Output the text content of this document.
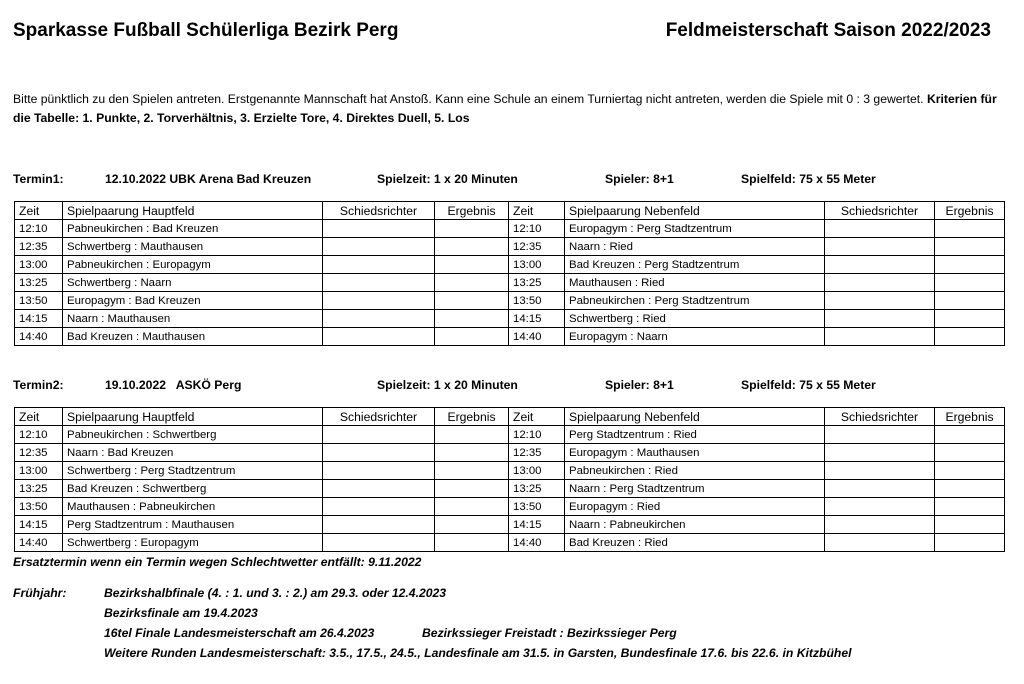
Sparkasse Fußball Schülerliga Bezirk Perg	Feldmeisterschaft Saison 2022/2023
Bitte pünktlich zu den Spielen antreten. Erstgenannte Mannschaft hat Anstoß. Kann eine Schule an einem Turniertag nicht antreten, werden die Spiele mit 0 : 3 gewertet. Kriterien für die Tabelle: 1. Punkte, 2. Torverhältnis, 3. Erzielte Tore, 4. Direktes Duell, 5. Los
Termin1:	12.10.2022 UBK Arena Bad Kreuzen	Spielzeit: 1 x 20 Minuten	Spieler: 8+1	Spielfeld: 75 x 55 Meter
Zeit	Spielpaarung Hauptfeld	Schiedsrichter	Ergebnis	Zeit	Spielpaarung Nebenfeld	Schiedsrichter	Ergebnis
12:10	Pabneukirchen : Bad Kreuzen			12:10	Europagym : Perg Stadtzentrum		
12:35	Schwertberg : Mauthausen			12:35	Naarn : Ried		
13:00	Pabneukirchen : Europagym			13:00	Bad Kreuzen : Perg Stadtzentrum		
13:25	Schwertberg : Naarn			13:25	Mauthausen : Ried		
13:50	Europagym : Bad Kreuzen			13:50	Pabneukirchen : Perg Stadtzentrum		
14:15	Naarn : Mauthausen			14:15	Schwertberg : Ried		
14:40	Bad Kreuzen : Mauthausen			14:40	Europagym : Naarn		
Termin2:	19.10.2022   ASKÖ Perg	Spielzeit: 1 x 20 Minuten	Spieler: 8+1	Spielfeld: 75 x 55 Meter
Zeit	Spielpaarung Hauptfeld	Schiedsrichter	Ergebnis	Zeit	Spielpaarung Nebenfeld	Schiedsrichter	Ergebnis
12:10	Pabneukirchen : Schwertberg			12:10	Perg Stadtzentrum : Ried		
12:35	Naarn : Bad Kreuzen			12:35	Europagym : Mauthausen		
13:00	Schwertberg : Perg Stadtzentrum			13:00	Pabneukirchen : Ried		
13:25	Bad Kreuzen : Schwertberg			13:25	Naarn : Perg Stadtzentrum		
13:50	Mauthausen : Pabneukirchen			13:50	Europagym : Ried		
14:15	Perg Stadtzentrum : Mauthausen			14:15	Naarn : Pabneukirchen		
14:40	Schwertberg : Europagym			14:40	Bad Kreuzen : Ried		
Ersatztermin wenn ein Termin wegen Schlechtwetter entfällt: 9.11.2022
Frühjahr:	Bezirkshalbfinale (4. : 1. und 3. : 2.) am 29.3. oder 12.4.2023
Bezirksfinale am 19.4.2023
16tel Finale Landesmeisterschaft am 26.4.2023	Bezirkssieger Freistadt : Bezirkssieger Perg
Weitere Runden Landesmeisterschaft: 3.5., 17.5., 24.5., Landesfinale am 31.5. in Garsten, Bundesfinale 17.6. bis 22.6. in Kitzbühel
